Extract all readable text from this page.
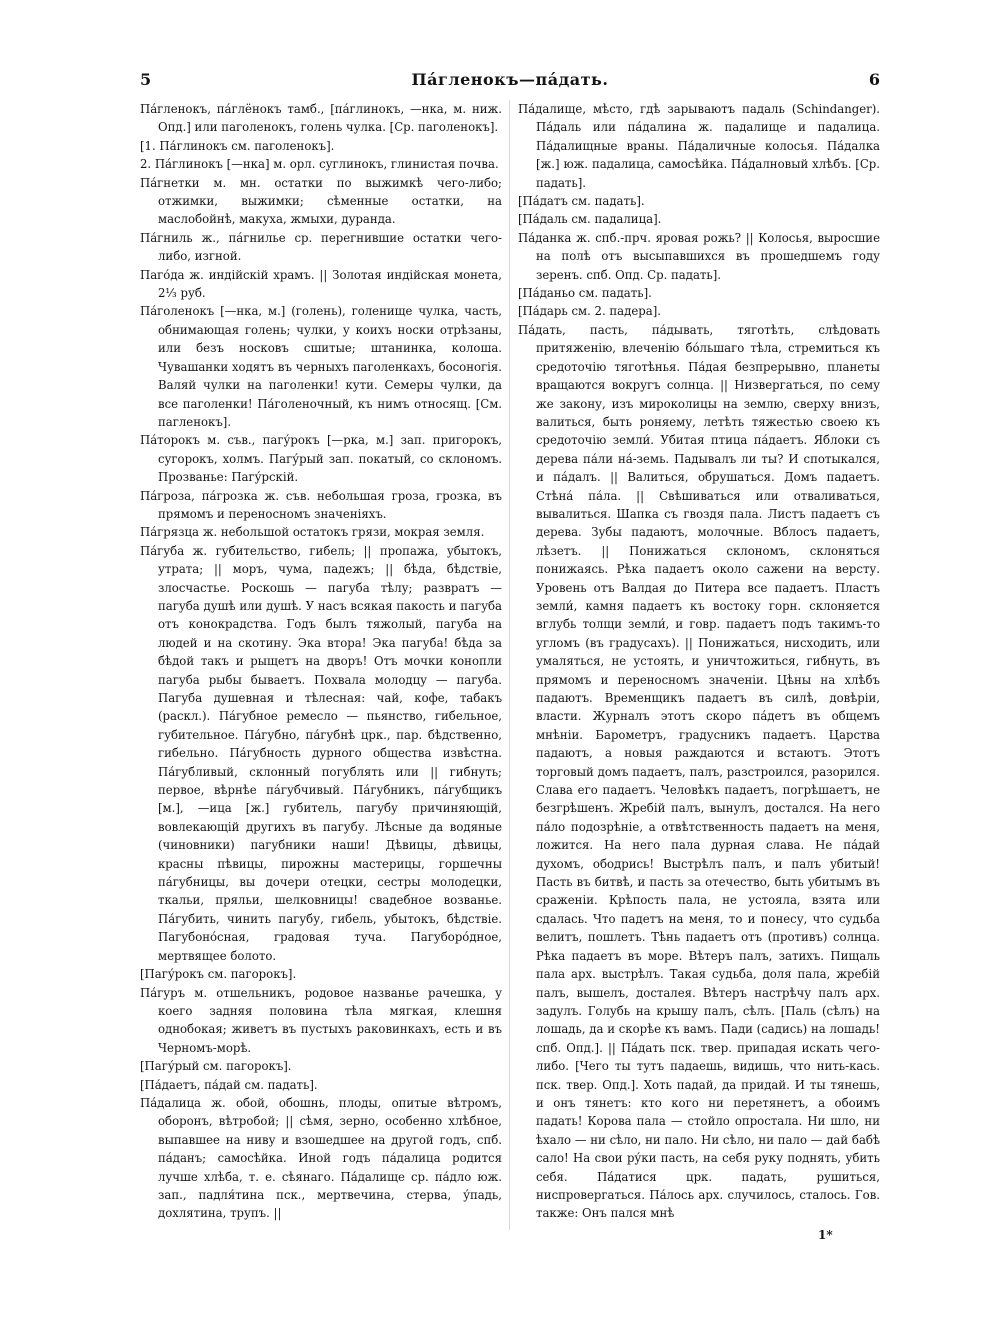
5	Па́гленокъ—па́дать.	6

Па́гленокъ, па́глёнокъ тамб., [па́глинокъ, —нка, м. ниж. Опд.] или паголенокъ, голень чулка. [Ср. паголенокъ].

[1. Па́глинокъ см. паголенокъ].

2. Па́глинокъ [—нка] м. орл. суглинокъ, глинистая почва.

Па́гнетки м. мн. остатки по выжимкѣ чего-либо; отжимки, выжимки; сѣменные остатки, на маслобойнѣ, макуха, жмыхи, дуранда.

Па́гниль ж., па́гнилье ср. перегнившие остатки чего-либо, изгной.

Паго́да ж. индійскій храмъ. || Золотая индійская монета, 2⅓ руб.

Па́голенокъ [—нка, м.] (голень), голенище чулка, часть, обнимающая голень; чулки, у коихъ носки отрѣзаны, или безъ носковъ сшитые; штанинка, колоша. Чувашанки ходятъ въ черныхъ паголенкахъ, босоногія. Валяй чулки на паголенки! кути. Семеры чулки, да все паголенки! Па́голеночный, къ нимъ относящ. [См. пагленокъ].

Па́торокъ м. съв., пагу́рокъ [—рка, м.] зап. пригорокъ, сугорокъ, холмъ. Пагу́рый зап. покатый, со склономъ. Прозванье: Пагу́рскій.

Па́гроза, па́грозка ж. съв. небольшая гроза, грозка, въ прямомъ и переносномъ значеніяхъ.

Па́грязца ж. небольшой остатокъ грязи, мокрая земля.

Па́губа ж. губительство, гибель; || пропажа, убытокъ, утрата; || моръ, чума, падежъ; || бѣда, бѣдствіе, злосчастье. Роскошь — пагуба тѣлу; развратъ — пагуба душѣ или душѣ. У насъ всякая пакость и пагуба отъ конокрадства. Годъ былъ тяжолый, пагуба на людей и на скотину. Эка втора! Эка пагуба! бѣда за бѣдой такъ и рыщетъ на дворъ! Отъ мочки конопли пагуба рыбы бываетъ. Похвала молодцу — пагуба. Пагуба душевная и тѣлесная: чай, кофе, табакъ (раскл.). Па́губное ремесло — пьянство, гибельное, губительное. Па́губно, па́губнѣ црк., пар. бѣдственно, гибельно. Па́губность дурного общества извѣстна. Па́губливый, склонный погублять или || гибнуть; первое, вѣрнѣе па́губчивый. Па́губникъ, па́губщикъ [м.], —ица [ж.] губитель, пагубу причиняющій, вовлекающій другихъ въ пагубу. Лѣсные да водяные (чиновники) пагубники наши! Дѣвицы, дѣвицы, красны пѣвицы, пирожны мастерицы, горшечны па́губницы, вы дочери отецки, сестры молодецки, ткальи, пряльи, шелковницы! свадебное возванье. Па́губить, чинить пагубу, гибель, убытокъ, бѣдствіе. Пагубоно́сная, градовая туча. Пагуборо́дное, мертвящее болото.

[Пагу́рокъ см. пагорокъ].

Па́гуръ м. отшельникъ, родовое названье рачешка, у коего задняя половина тѣла мягкая, клешня однобокая; живетъ въ пустыхъ раковинкахъ, есть и въ Черномъ-морѣ.

[Пагу́рый см. пагорокъ].

[Па́даетъ, па́дай см. падать].

Па́далица ж. обой, обошнь, плоды, опитые вѣтромъ, оборонъ, вѣтробой; || сѣмя, зерно, особенно хлѣбное, выпавшее на ниву и взошедшее на другой годъ, спб. па́данъ; самосѣйка. Иной годъ па́далица родится лучше хлѣба, т. е. сѣянаго. Па́далище ср. па́дло юж. зап., падля́тина пск., мертвечина, стерва, у́падь, дохлятина, трупъ. ||

Па́далище, мѣсто, гдѣ зарываютъ падаль (Schindanger). Па́даль или па́далина ж. падалище и падалица. Па́далищные враны. Па́даличные колосья. Па́далка [ж.] юж. падалица, самосѣйка. Па́далновый хлѣбъ. [Ср. падать].

[Па́датъ см. падать].

[Па́даль см. падалица].

Па́данка ж. спб.-прч. яровая рожь? || Колосья, выросшие на полѣ отъ высыпавшихся въ прошедшемъ году зеренъ. спб. Опд. Ср. падать].

[Па́даньо см. падать].

[Па́дарь см. 2. падера].

Па́дать, пасть, па́дывать, тяготѣть, слѣдовать притяженію, влеченію бо́льшаго тѣла, стремиться къ средоточію тяготѣнья. Па́дая безпрерывно, планеты вращаются вокругъ солнца. || Низвергаться, по сему же закону, изъ мироколицы на землю, сверху внизъ, валиться, быть роняему, летѣть тяжестью своею къ средоточію земли́. Убитая птица па́даетъ. Яблоки съ дерева па́ли на́-земь. Падывалъ ли ты? И спотыкался, и па́далъ. || Валиться, обрушаться. Домъ падаетъ. Стѣна́ па́ла. || Свѣшиваться или отваливаться, вывалиться. Шапка съ гвоздя пала. Листъ падаетъ съ дерева. Зубы падаютъ, молочные. Вблосъ падаетъ, лѣзетъ. || Понижаться склономъ, склоняться понижаясь. Рѣка падаетъ около сажени на версту. Уровень отъ Валдая до Питера все падаетъ. Пластъ земли́, камня падаетъ къ востоку горн. склоняется вглубь толщи земли́, и говр. падаетъ подъ такимъ-то угломъ (въ градусахъ). || Понижаться, нисходить, или умаляться, не устоять, и уничтожиться, гибнуть, въ прямомъ и переносномъ значеніи. Цѣны на хлѣбъ падаютъ. Временщикъ падаетъ въ силѣ, довѣріи, власти. Журналъ этотъ скоро па́детъ въ общемъ мнѣніи. Барометръ, градусникъ падаетъ. Царства падаютъ, а новыя раждаются и встаютъ. Этотъ торговый домъ падаетъ, палъ, разстроился, разорился. Слава его падаетъ. Человѣкъ падаетъ, погрѣшаетъ, не безгрѣшенъ. Жребій палъ, вынулъ, достался. На него па́ло подозрѣніе, а отвѣтственность падаетъ на меня, ложится. На него пала дурная слава. Не па́дай духомъ, ободрись! Выстрѣлъ палъ, и палъ убитый! Пасть въ битвѣ, и пасть за отечество, быть убитымъ въ сраженіи. Крѣпость пала, не устояла, взята или сдалась. Что падетъ на меня, то и понесу, что судьба велитъ, пошлетъ. Тѣнь падаетъ отъ (противъ) солнца. Рѣка падаетъ въ море. Вѣтеръ палъ, затихъ. Пищаль пала арх. выстрѣлъ. Такая судьба, доля пала, жребій палъ, вышелъ, досталея. Вѣтеръ настрѣчу палъ арх. задулъ. Голубь на крышу палъ, сѣлъ. [Паль (сѣлъ) на лошадь, да и скорѣе къ вамъ. Пади (садись) на лошадь! спб. Опд.]. || Па́дать пск. твер. припадая искать чего-либо. [Чего ты тутъ падаешь, видишь, что нить-кась. пск. твер. Опд.]. Хоть падай, да придай. И ты тянешь, и онъ тянетъ: кто кого ни перетянетъ, а обоимъ падать! Корова пала — стойло опростала. Ни шло, ни ѣхало — ни сѣло, ни пало. Ни сѣло, ни пало — дай бабѣ сало! На свои ру́ки пасть, на себя руку поднять, убить себя. Па́датися црк. падать, рушиться, ниспровергаться. Па́лось арх. случилось, сталось. Гов. также: Онъ пался мнѣ

1*
